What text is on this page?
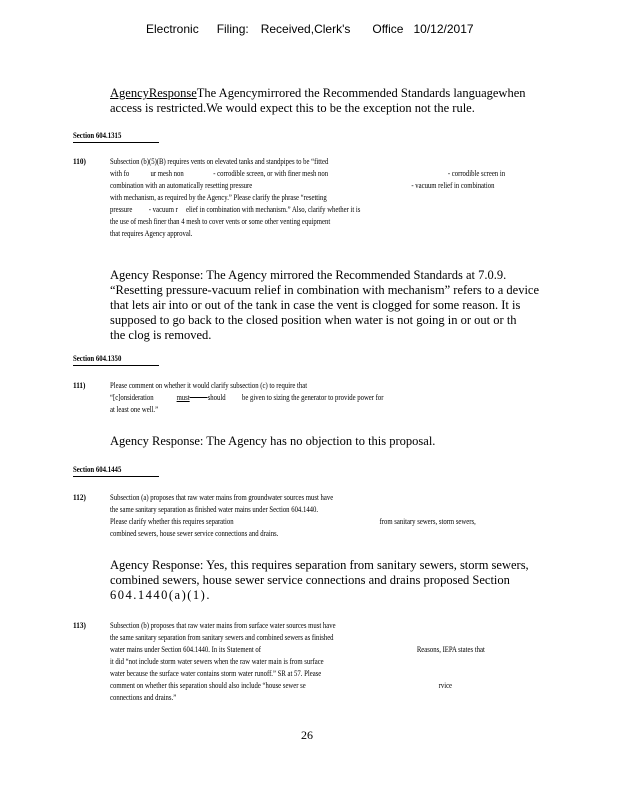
Electronic Filing: Received,Clerk's Office 10/12/2017
AgencyResponseThe Agencymirrored the Recommended Standards languagewhen
access is restricted.We would expect this to be the exception not the rule.
Section 604.1315
110)	Subsection (b)(5)(B) requires vents on elevated tanks and standpipes to be “fitted
with fo	ur mesh non	- corrodible screen, or with finer mesh non	- corrodible screen in
combination with an automatically resetting pressure	- vacuum relief in combination
with mechanism, as required by the Agency.” Please clarify the phrase “resetting
pressure - vacuum r elief in combination with mechanism.” Also, clarify whether it is
the use of mesh finer than 4 mesh to cover vents or some other venting equipment
that requires Agency approval.
Agency Response: The Agency mirrored the Recommended Standards at 7.0.9.
“Resetting pressure-vacuum relief in combination with mechanism” refers to a device
that lets air into or out of the tank in case the vent is clogged for some reason. It is
supposed to go back to the closed position when water is not going in or out or th
the clog is removed.
Section 604.1350
111)	Please comment on whether it would clarify subsection (c) to require that
“[c]onsideration	must should be given to sizing the generator to provide power for
at least one well.”
Agency Response: The Agency has no objection to this proposal.
Section 604.1445
112)	Subsection (a) proposes that raw water mains from groundwater sources must have
the same sanitary separation as finished water mains under Section 604.1440.
Please clarify whether this requires separation	from sanitary sewers, storm sewers,
combined sewers, house sewer service connections and drains.
Agency Response: Yes, this requires separation from sanitary sewers, storm sewers,
combined sewers, house sewer service connections and drains proposed Section
604.1440(a)(1).
113)	Subsection (b) proposes that raw water mains from surface water sources must have
the same sanitary separation from sanitary sewers and combined sewers as finished
water mains under Section 604.1440. In its Statement of	Reasons, IEPA states that
it did “not include storm water sewers when the raw water main is from surface
water because the surface water contains storm water runoff.” SR at 57. Please
comment on whether this separation should also include “house sewer se	rvice
connections and drains.”
26
